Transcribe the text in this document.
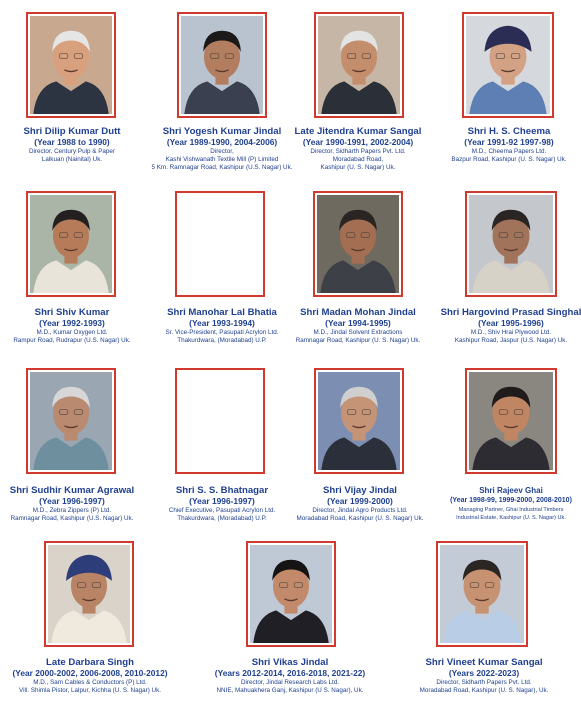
Shri Dilip Kumar Dutt
(Year 1988 to 1990)
Director, Century Pulp & Paper
Lalkuan (Nainital) Uk.
Shri Yogesh Kumar Jindal
(Year 1989-1990, 2004-2006)
Director,
Kashi Vishwanath Textile Mill (P) Limited
5 Km. Ramnagar Road, Kashipur (U.S. Nagar) Uk.
Late Jitendra Kumar Sangal
(Year 1990-1991, 2002-2004)
Director, Sidharth Papers Pvt. Ltd.
Moradabad Road,
Kashipur (U. S. Nagar) Uk.
Shri H. S. Cheema
(Year 1991-92 1997-98)
M.D., Cheema Papers Ltd.
Bazpur Road, Kashipur (U. S. Nagar) Uk.
Shri Shiv Kumar
(Year 1992-1993)
M.D., Kumar Oxygen Ltd.
Rampur Road, Rudrapur (U.S. Nagar) Uk.
Shri Manohar Lal Bhatia
(Year 1993-1994)
Sr. Vice-President, Pasupati Acrylon Ltd.
Thakurdwara, (Moradabad) U.P.
Shri Madan Mohan Jindal
(Year 1994-1995)
M.D., Jindal Solvent Extractions
Ramnagar Road, Kashipur (U. S. Nagar) Uk.
Shri Hargovind Prasad Singhal
(Year 1995-1996)
M.D., Shiv Hrai Plywood Ltd.
Kashipur Road, Jaspur (U.S. Nagar) Uk.
Shri Sudhir Kumar Agrawal
(Year 1996-1997)
M.D., Zebra Zippers (P) Ltd.
Ramnagar Road, Kashipur (U.S. Nagar) Uk.
Shri S. S. Bhatnagar
(Year 1996-1997)
Chief Executive, Pasupati Acrylon Ltd.
Thakurdwara, (Moradabad) U.P.
Shri Vijay Jindal
(Year 1999-2000)
Director, Jindal Agro Products Ltd.
Moradabad Road, Kashipur (U. S. Nagar) Uk.
Shri Rajeev Ghai
(Year 1998-99, 1999-2000, 2008-2010)
Managing Partner, Ghai Industrial Timbers
Industrial Estate, Kashipur (U. S. Nagar) Uk.
Late Darbara Singh
(Year 2000-2002, 2006-2008, 2010-2012)
M.D., Sam Cables & Conductors (P) Ltd.
Vill. Shimla Pistor, Lalpur, Kichha (U. S. Nagar) Uk.
Shri Vikas Jindal
(Years 2012-2014, 2016-2018, 2021-22)
Director, Jindal Research Labs Ltd.
NNIE, Mahuakhera Ganj, Kashipur (U S. Nagar), Uk.
Shri Vineet Kumar Sangal
(Years 2022-2023)
Director, Sidharth Papers Pvt. Ltd.
Moradabad Road, Kashipur (U. S. Nagar), Uk.
